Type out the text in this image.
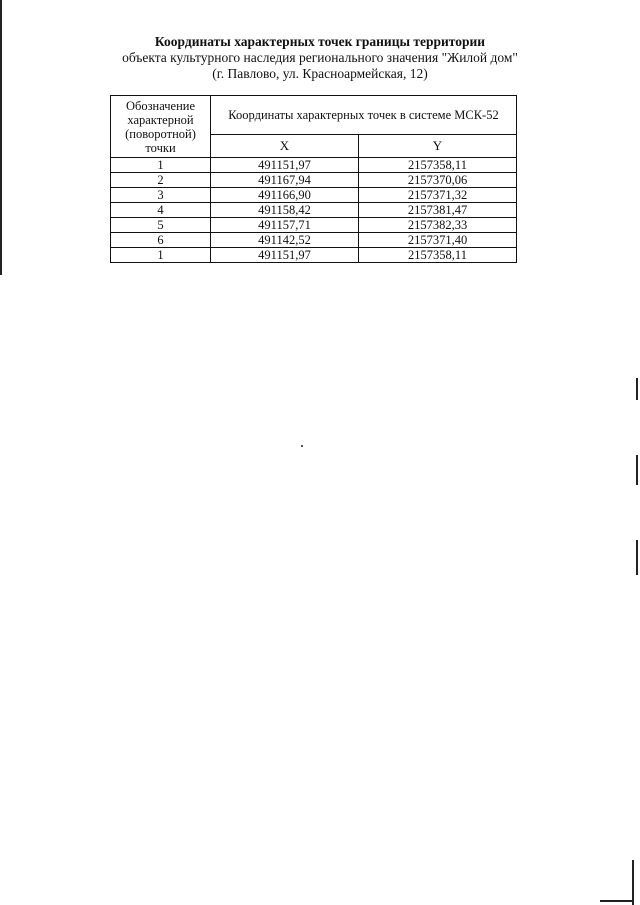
Координаты характерных точек границы территории
объекта культурного наследия регионального значения "Жилой дом"
(г. Павлово, ул. Красноармейская, 12)
Обозначение характерной (поворотной) точки	Координаты характерных точек в системе МСК-52	
	X	Y
1	491151,97	2157358,11
2	491167,94	2157370,06
3	491166,90	2157371,32
4	491158,42	2157381,47
5	491157,71	2157382,33
6	491142,52	2157371,40
1	491151,97	2157358,11
